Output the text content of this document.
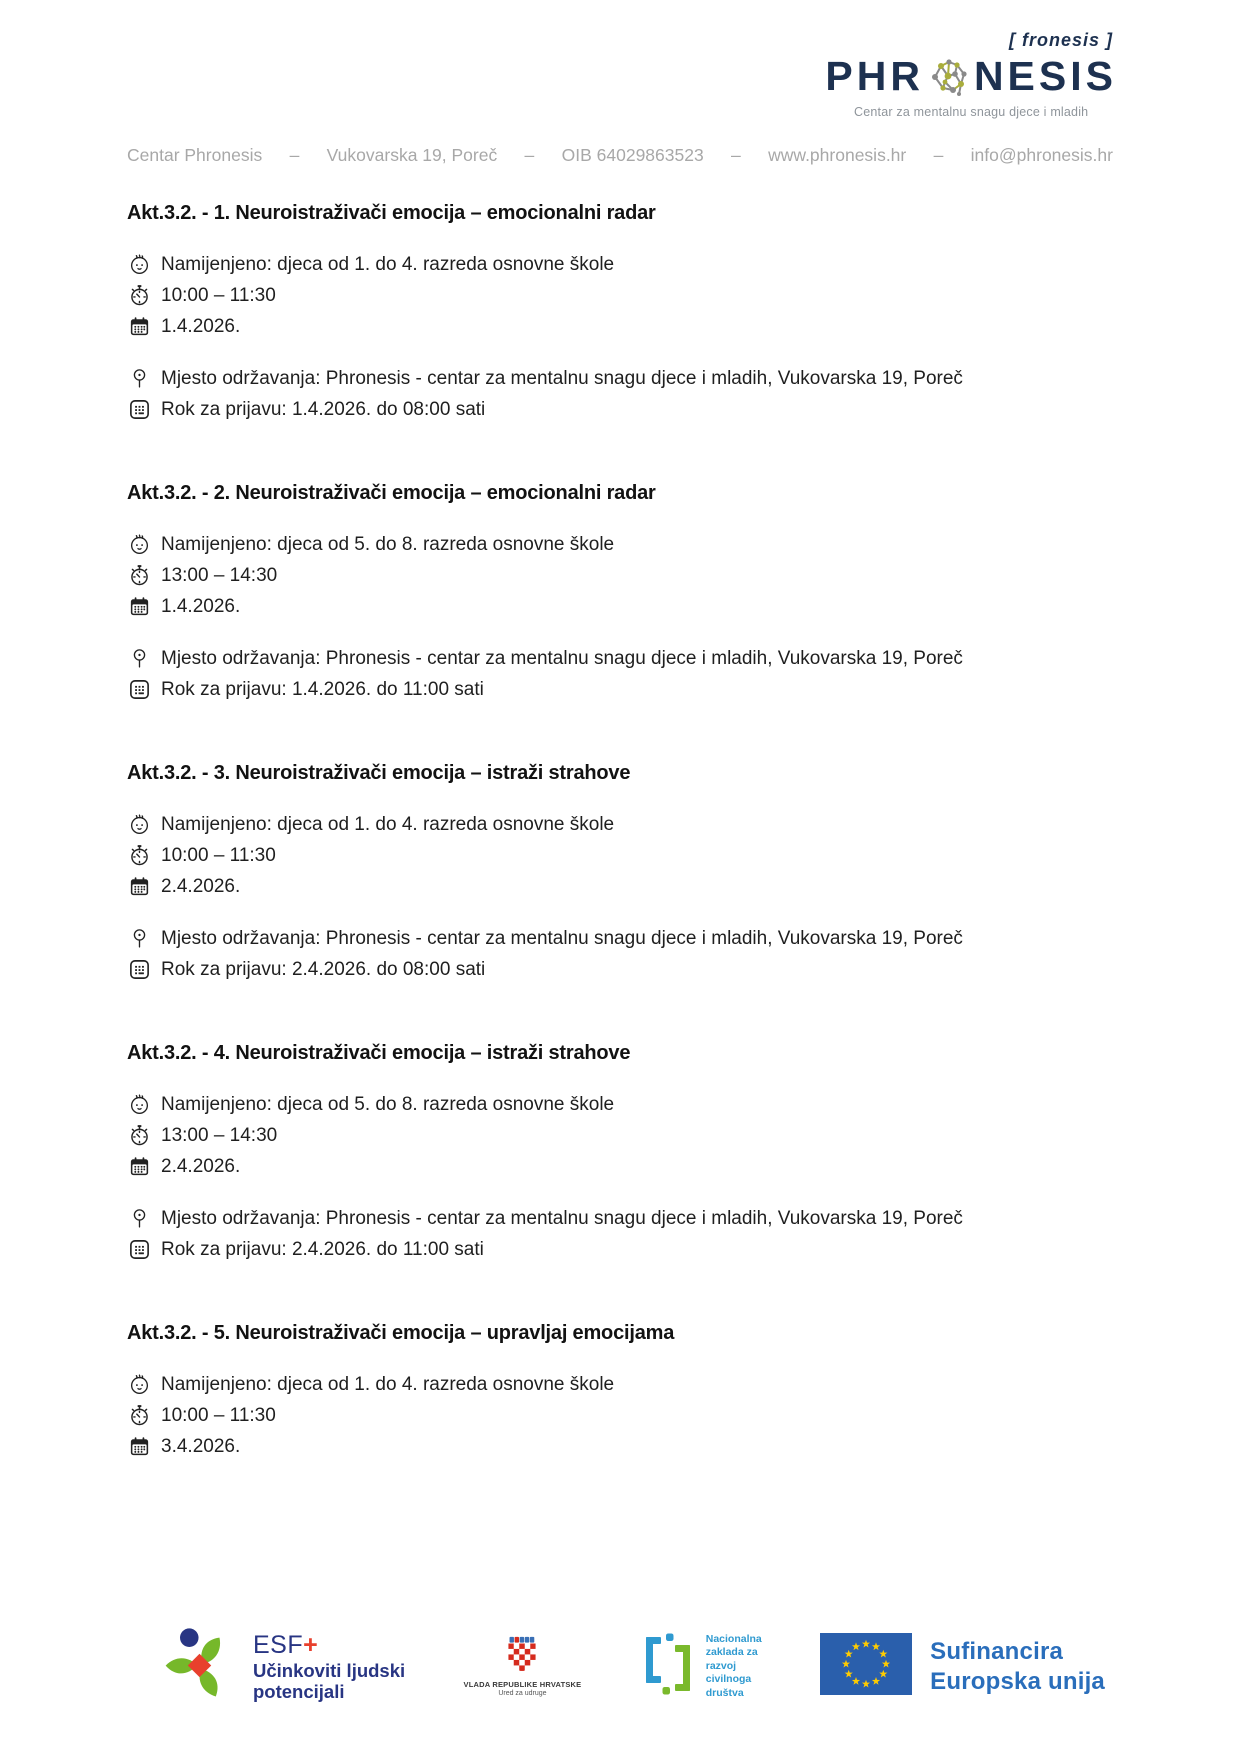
[ fronesis ]
PHR NESIS
Centar za mentalnu snagu djece i mladih
Centar Phronesis – Vukovarska 19, Poreč – OIB 64029863523 – www.phronesis.hr – info@phronesis.hr
Akt.3.2. - 1. Neuroistraživači emocija – emocionalni radar
Namijenjeno: djeca od 1. do 4. razreda osnovne škole
10:00 – 11:30
1.4.2026.
Mjesto održavanja: Phronesis - centar za mentalnu snagu djece i mladih, Vukovarska 19, Poreč
Rok za prijavu: 1.4.2026. do 08:00 sati
Akt.3.2. - 2. Neuroistraživači emocija – emocionalni radar
Namijenjeno: djeca od 5. do 8. razreda osnovne škole
13:00 – 14:30
1.4.2026.
Mjesto održavanja: Phronesis - centar za mentalnu snagu djece i mladih, Vukovarska 19, Poreč
Rok za prijavu: 1.4.2026. do 11:00 sati
Akt.3.2. - 3. Neuroistraživači emocija – istraži strahove
Namijenjeno: djeca od 1. do 4. razreda osnovne škole
10:00 – 11:30
2.4.2026.
Mjesto održavanja: Phronesis - centar za mentalnu snagu djece i mladih, Vukovarska 19, Poreč
Rok za prijavu: 2.4.2026. do 08:00 sati
Akt.3.2. - 4. Neuroistraživači emocija – istraži strahove
Namijenjeno: djeca od 5. do 8. razreda osnovne škole
13:00 – 14:30
2.4.2026.
Mjesto održavanja: Phronesis - centar za mentalnu snagu djece i mladih, Vukovarska 19, Poreč
Rok za prijavu: 2.4.2026. do 11:00 sati
Akt.3.2. - 5. Neuroistraživači emocija – upravljaj emocijama
Namijenjeno: djeca od 1. do 4. razreda osnovne škole
10:00 – 11:30
3.4.2026.
ESF+
Učinkoviti ljudski
potencijali	VLADA REPUBLIKE HRVATSKE
Ured za udruge
Nacionalna
zaklada za
razvoj
civilnoga
društva
Sufinancira
Europska unija
